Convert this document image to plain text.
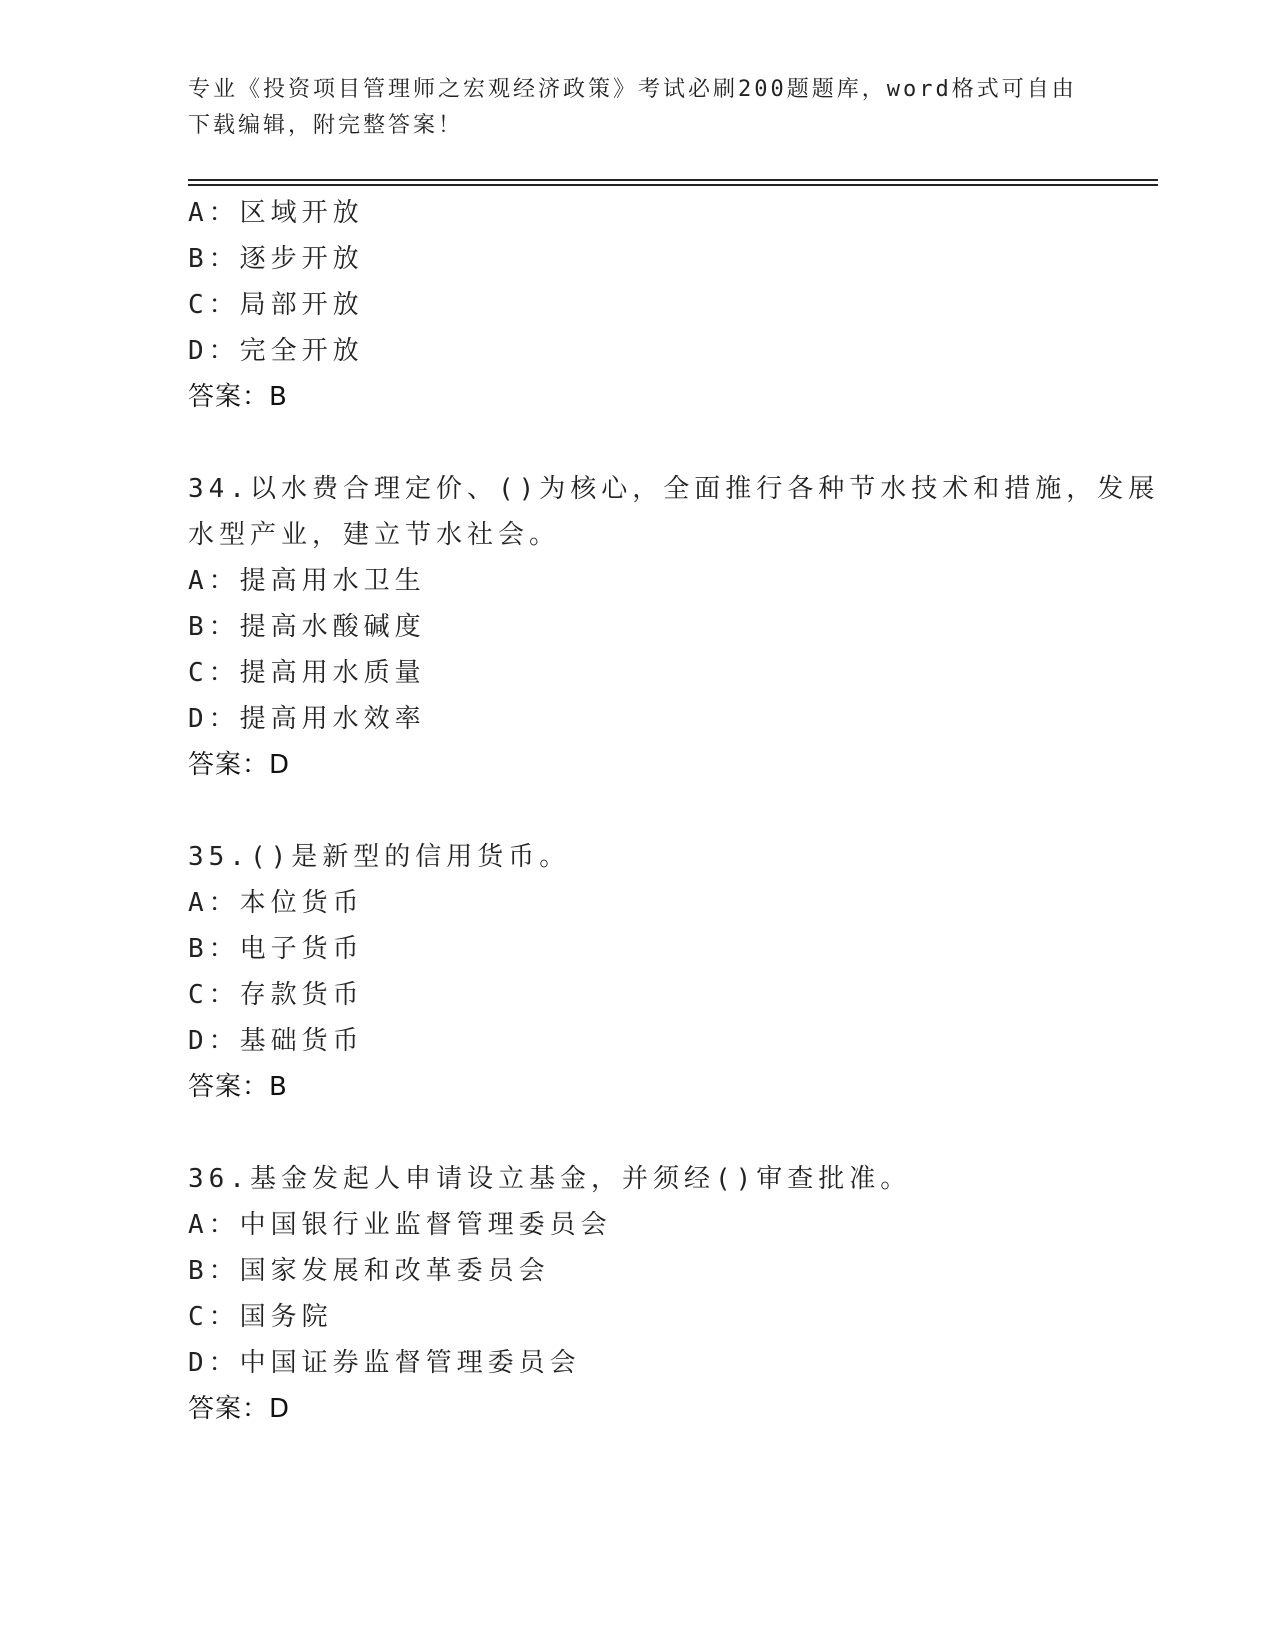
专业《投资项目管理师之宏观经济政策》考试必刷200题题库，word格式可自由
下载编辑，附完整答案！
A：区域开放
B：逐步开放
C：局部开放
D：完全开放
答案：B
34.以水费合理定价、()为核心，全面推行各种节水技术和措施，发展
水型产业，建立节水社会。
A：提高用水卫生
B：提高水酸碱度
C：提高用水质量
D：提高用水效率
答案：D
35.()是新型的信用货币。
A：本位货币
B：电子货币
C：存款货币
D：基础货币
答案：B
36.基金发起人申请设立基金，并须经()审查批准。
A：中国银行业监督管理委员会
B：国家发展和改革委员会
C：国务院
D：中国证券监督管理委员会
答案：D
